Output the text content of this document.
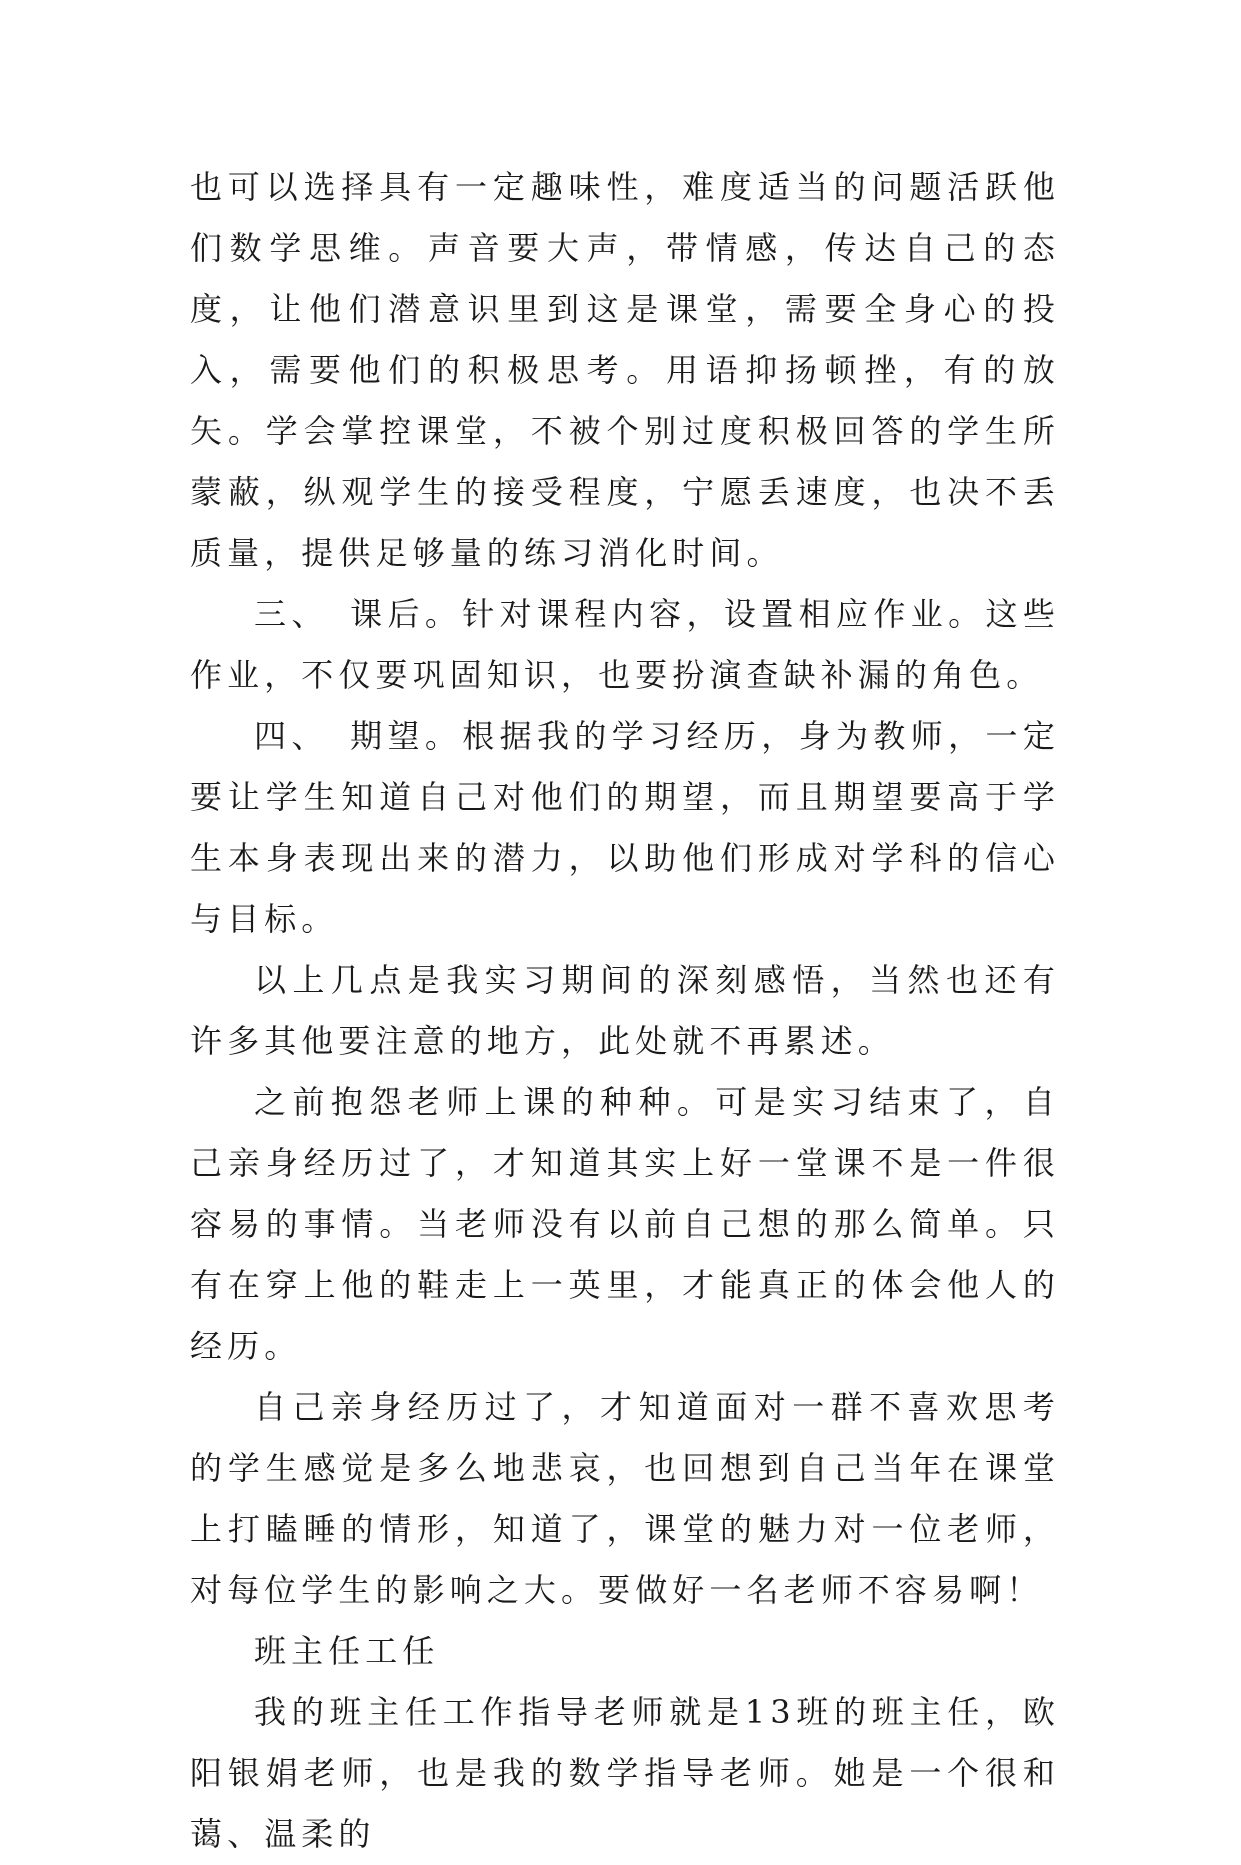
也可以选择具有一定趣味性，难度适当的问题活跃他们数学思维。声音要大声，带情感，传达自己的态度，让他们潜意识里到这是课堂，需要全身心的投入，需要他们的积极思考。用语抑扬顿挫，有的放矢。学会掌控课堂，不被个别过度积极回答的学生所蒙蔽，纵观学生的接受程度，宁愿丢速度，也决不丢质量，提供足够量的练习消化时间。

三、　课后。针对课程内容，设置相应作业。这些作业，不仅要巩固知识，也要扮演查缺补漏的角色。

四、　期望。根据我的学习经历，身为教师，一定要让学生知道自己对他们的期望，而且期望要高于学生本身表现出来的潜力，以助他们形成对学科的信心与目标。

以上几点是我实习期间的深刻感悟，当然也还有许多其他要注意的地方，此处就不再累述。

之前抱怨老师上课的种种。可是实习结束了，自己亲身经历过了，才知道其实上好一堂课不是一件很容易的事情。当老师没有以前自己想的那么简单。只有在穿上他的鞋走上一英里，才能真正的体会他人的经历。

自己亲身经历过了，才知道面对一群不喜欢思考的学生感觉是多么地悲哀，也回想到自己当年在课堂上打瞌睡的情形，知道了，课堂的魅力对一位老师，对每位学生的影响之大。要做好一名老师不容易啊！

班主任工任

我的班主任工作指导老师就是13班的班主任，欧阳银娟老师，也是我的数学指导老师。她是一个很和蔼、温柔的
